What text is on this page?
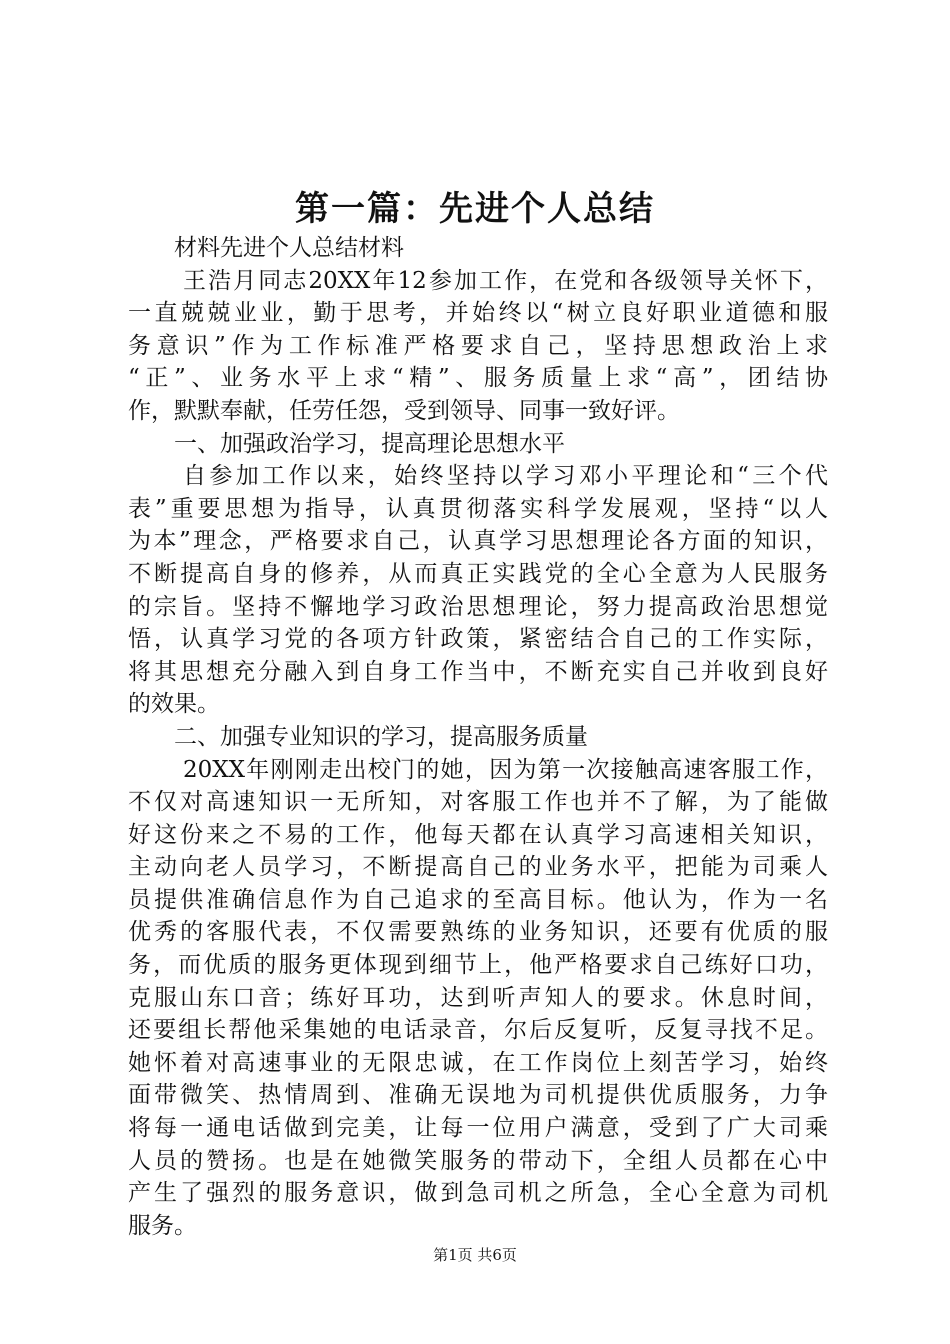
第一篇：先进个人总结
材料先进个人总结材料
王浩月同志20XX年12参加工作，在党和各级领导关怀下，
一直兢兢业业，勤于思考，并始终以“树立良好职业道德和服
务意识”作为工作标准严格要求自己，坚持思想政治上求
“正”、业务水平上求“精”、服务质量上求“高”，团结协
作，默默奉献，任劳任怨，受到领导、同事一致好评。
一、加强政治学习，提高理论思想水平
自参加工作以来，始终坚持以学习邓小平理论和“三个代
表”重要思想为指导，认真贯彻落实科学发展观，坚持“以人
为本”理念，严格要求自己，认真学习思想理论各方面的知识，
不断提高自身的修养，从而真正实践党的全心全意为人民服务
的宗旨。坚持不懈地学习政治思想理论，努力提高政治思想觉
悟，认真学习党的各项方针政策，紧密结合自己的工作实际，
将其思想充分融入到自身工作当中，不断充实自己并收到良好
的效果。
二、加强专业知识的学习，提高服务质量
20XX年刚刚走出校门的她，因为第一次接触高速客服工作，
不仅对高速知识一无所知，对客服工作也并不了解，为了能做
好这份来之不易的工作，他每天都在认真学习高速相关知识，
主动向老人员学习，不断提高自己的业务水平，把能为司乘人
员提供准确信息作为自己追求的至高目标。他认为，作为一名
优秀的客服代表，不仅需要熟练的业务知识，还要有优质的服
务，而优质的服务更体现到细节上，他严格要求自己练好口功，
克服山东口音；练好耳功，达到听声知人的要求。休息时间，
还要组长帮他采集她的电话录音，尔后反复听，反复寻找不足。
她怀着对高速事业的无限忠诚，在工作岗位上刻苦学习，始终
面带微笑、热情周到、准确无误地为司机提供优质服务，力争
将每一通电话做到完美，让每一位用户满意，受到了广大司乘
人员的赞扬。也是在她微笑服务的带动下，全组人员都在心中
产生了强烈的服务意识，做到急司机之所急，全心全意为司机
服务。
第1页 共6页
